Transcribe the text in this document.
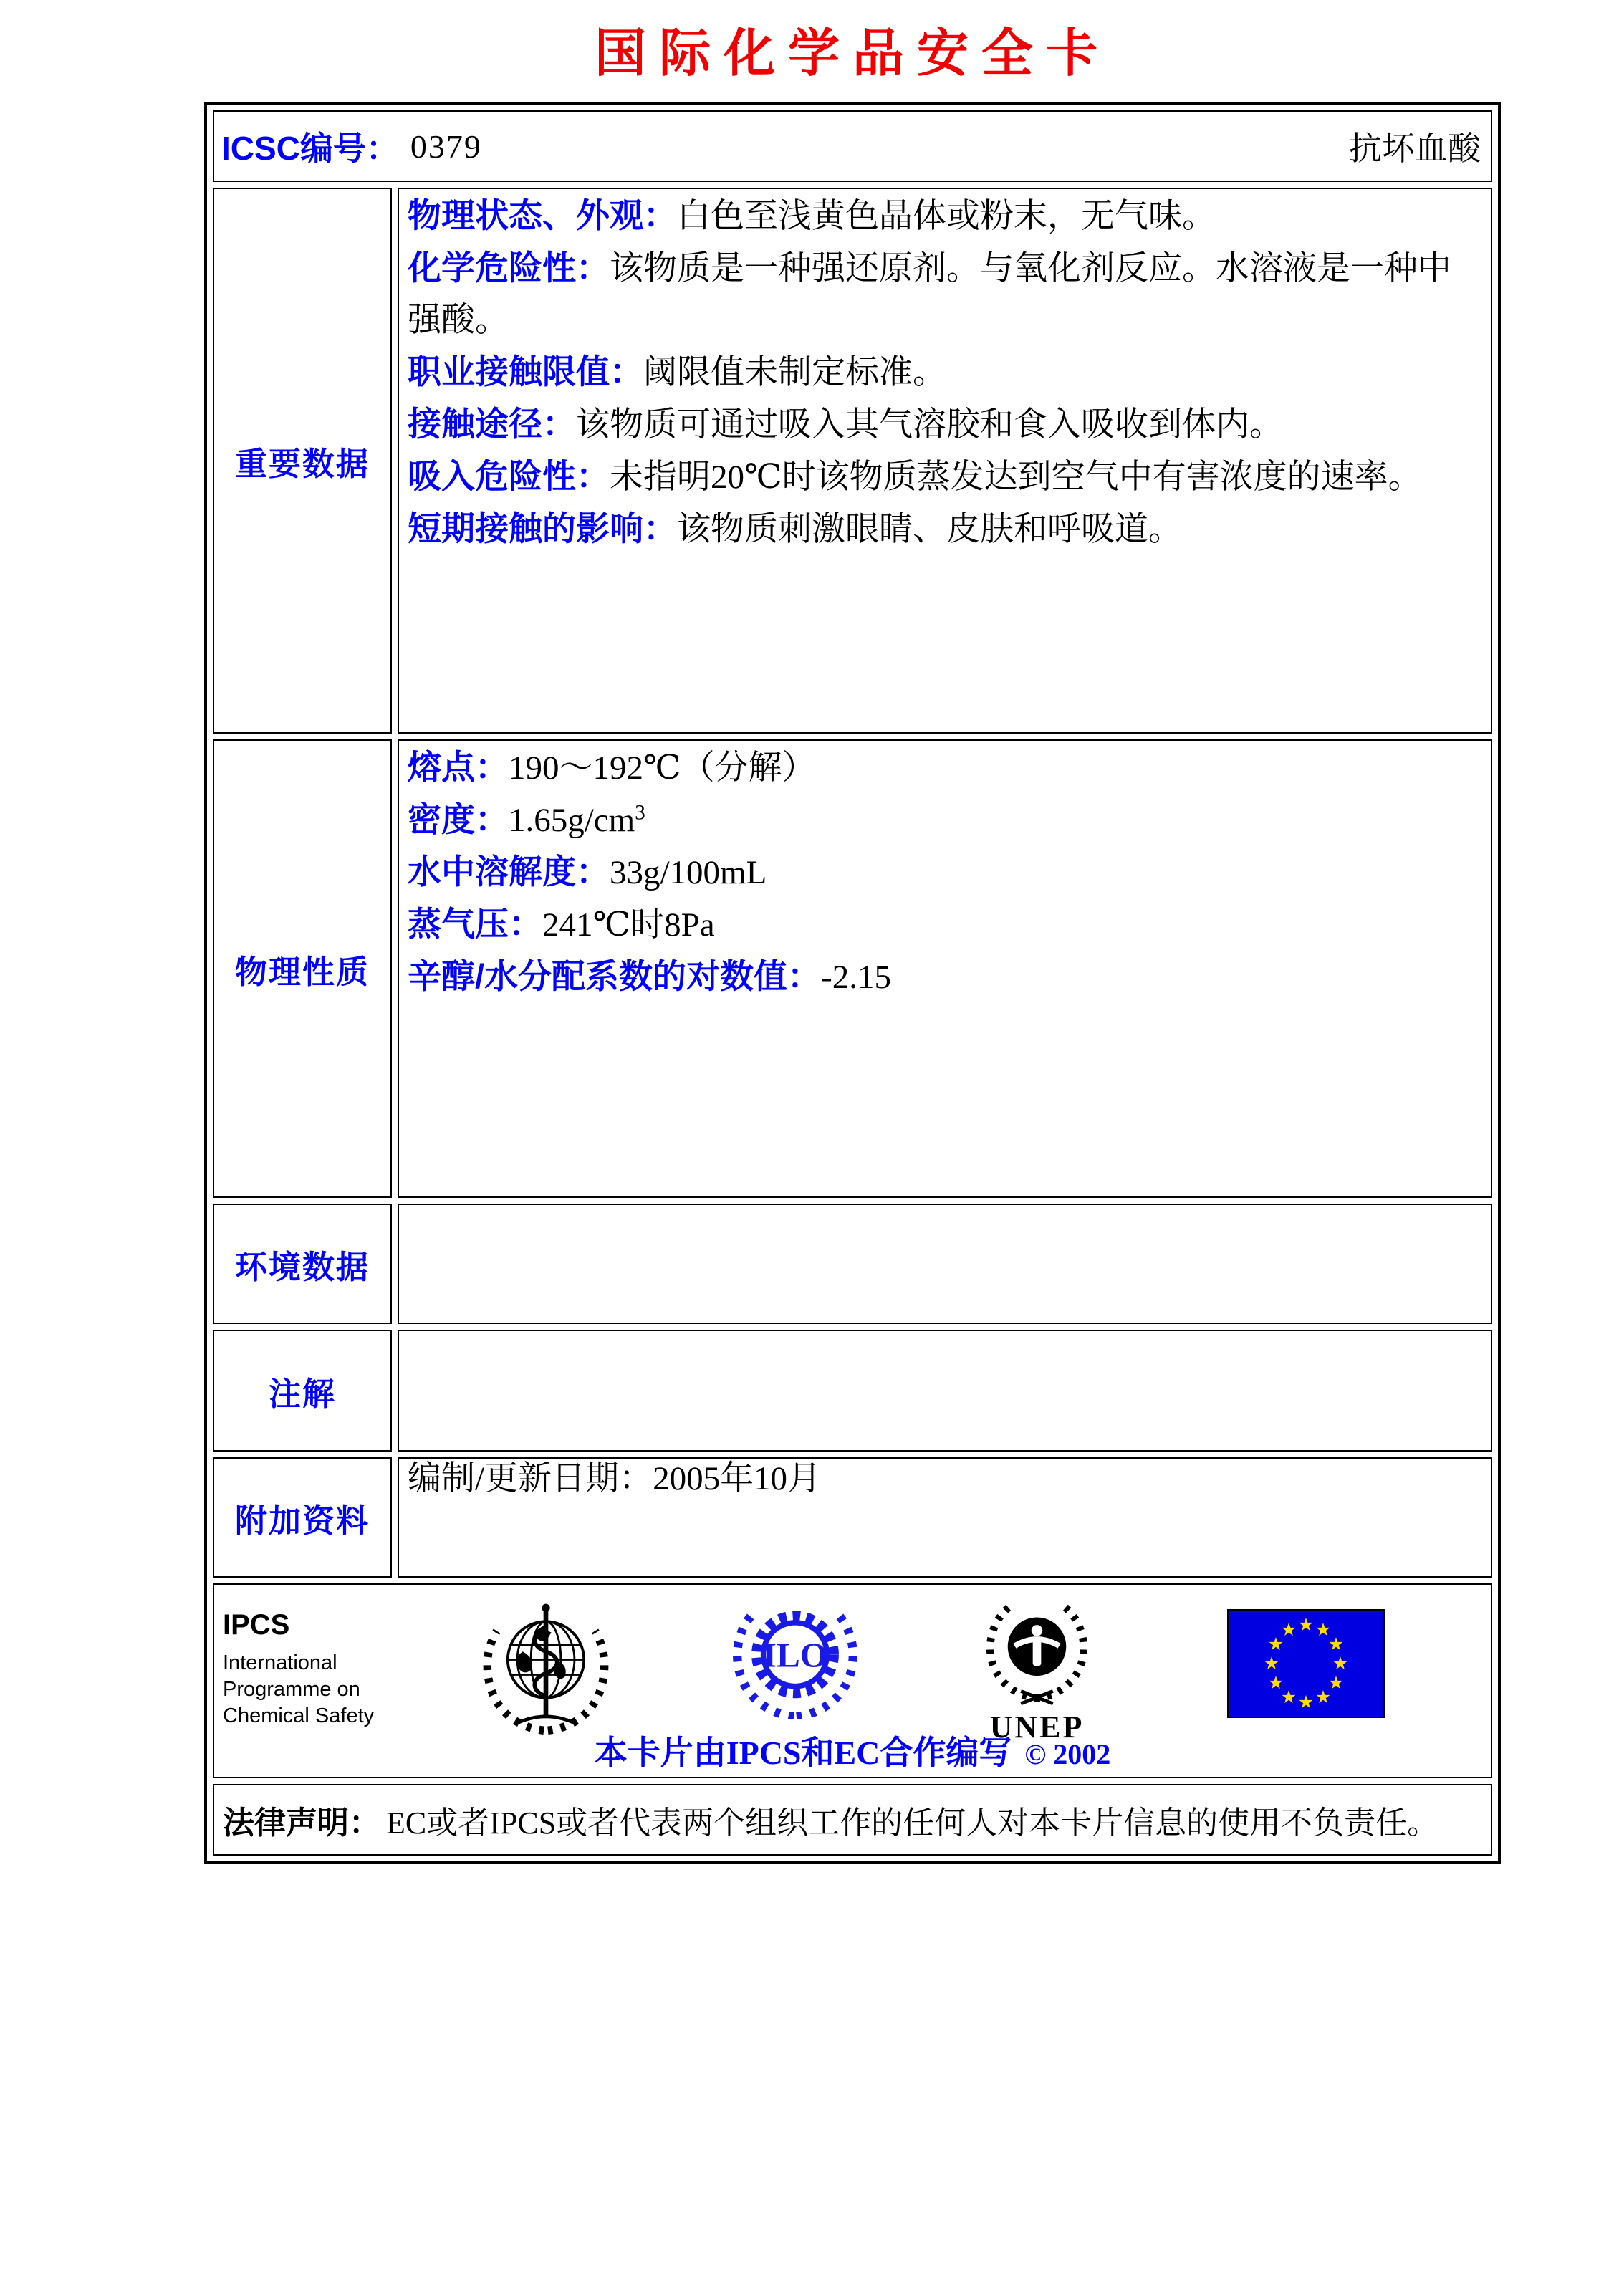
国际化学品安全卡
ICSC编号： 0379	抗坏血酸
重要数据

物理状态、外观：白色至浅黄色晶体或粉末，无气味。

化学危险性：该物质是一种强还原剂。与氧化剂反应。水溶液是一种中强酸。

职业接触限值：阈限值未制定标准。

接触途径：该物质可通过吸入其气溶胶和食入吸收到体内。

吸入危险性：未指明20℃时该物质蒸发达到空气中有害浓度的速率。

短期接触的影响：该物质刺激眼睛、皮肤和呼吸道。

物理性质

熔点：190～192℃（分解）

密度：$1.65g/cm^3$

水中溶解度：33g/100mL

蒸气压：241℃时8Pa

辛醇/水分配系数的对数值：-2.15

环境数据
注解
附加资料

编制/更新日期：2005年10月

IPCS
International
Programme on
Chemical Safety
ILO
UNEP
本卡片由IPCS和EC合作编写 © 2002
法律声明： EC或者IPCS或者代表两个组织工作的任何人对本卡片信息的使用不负责任。
